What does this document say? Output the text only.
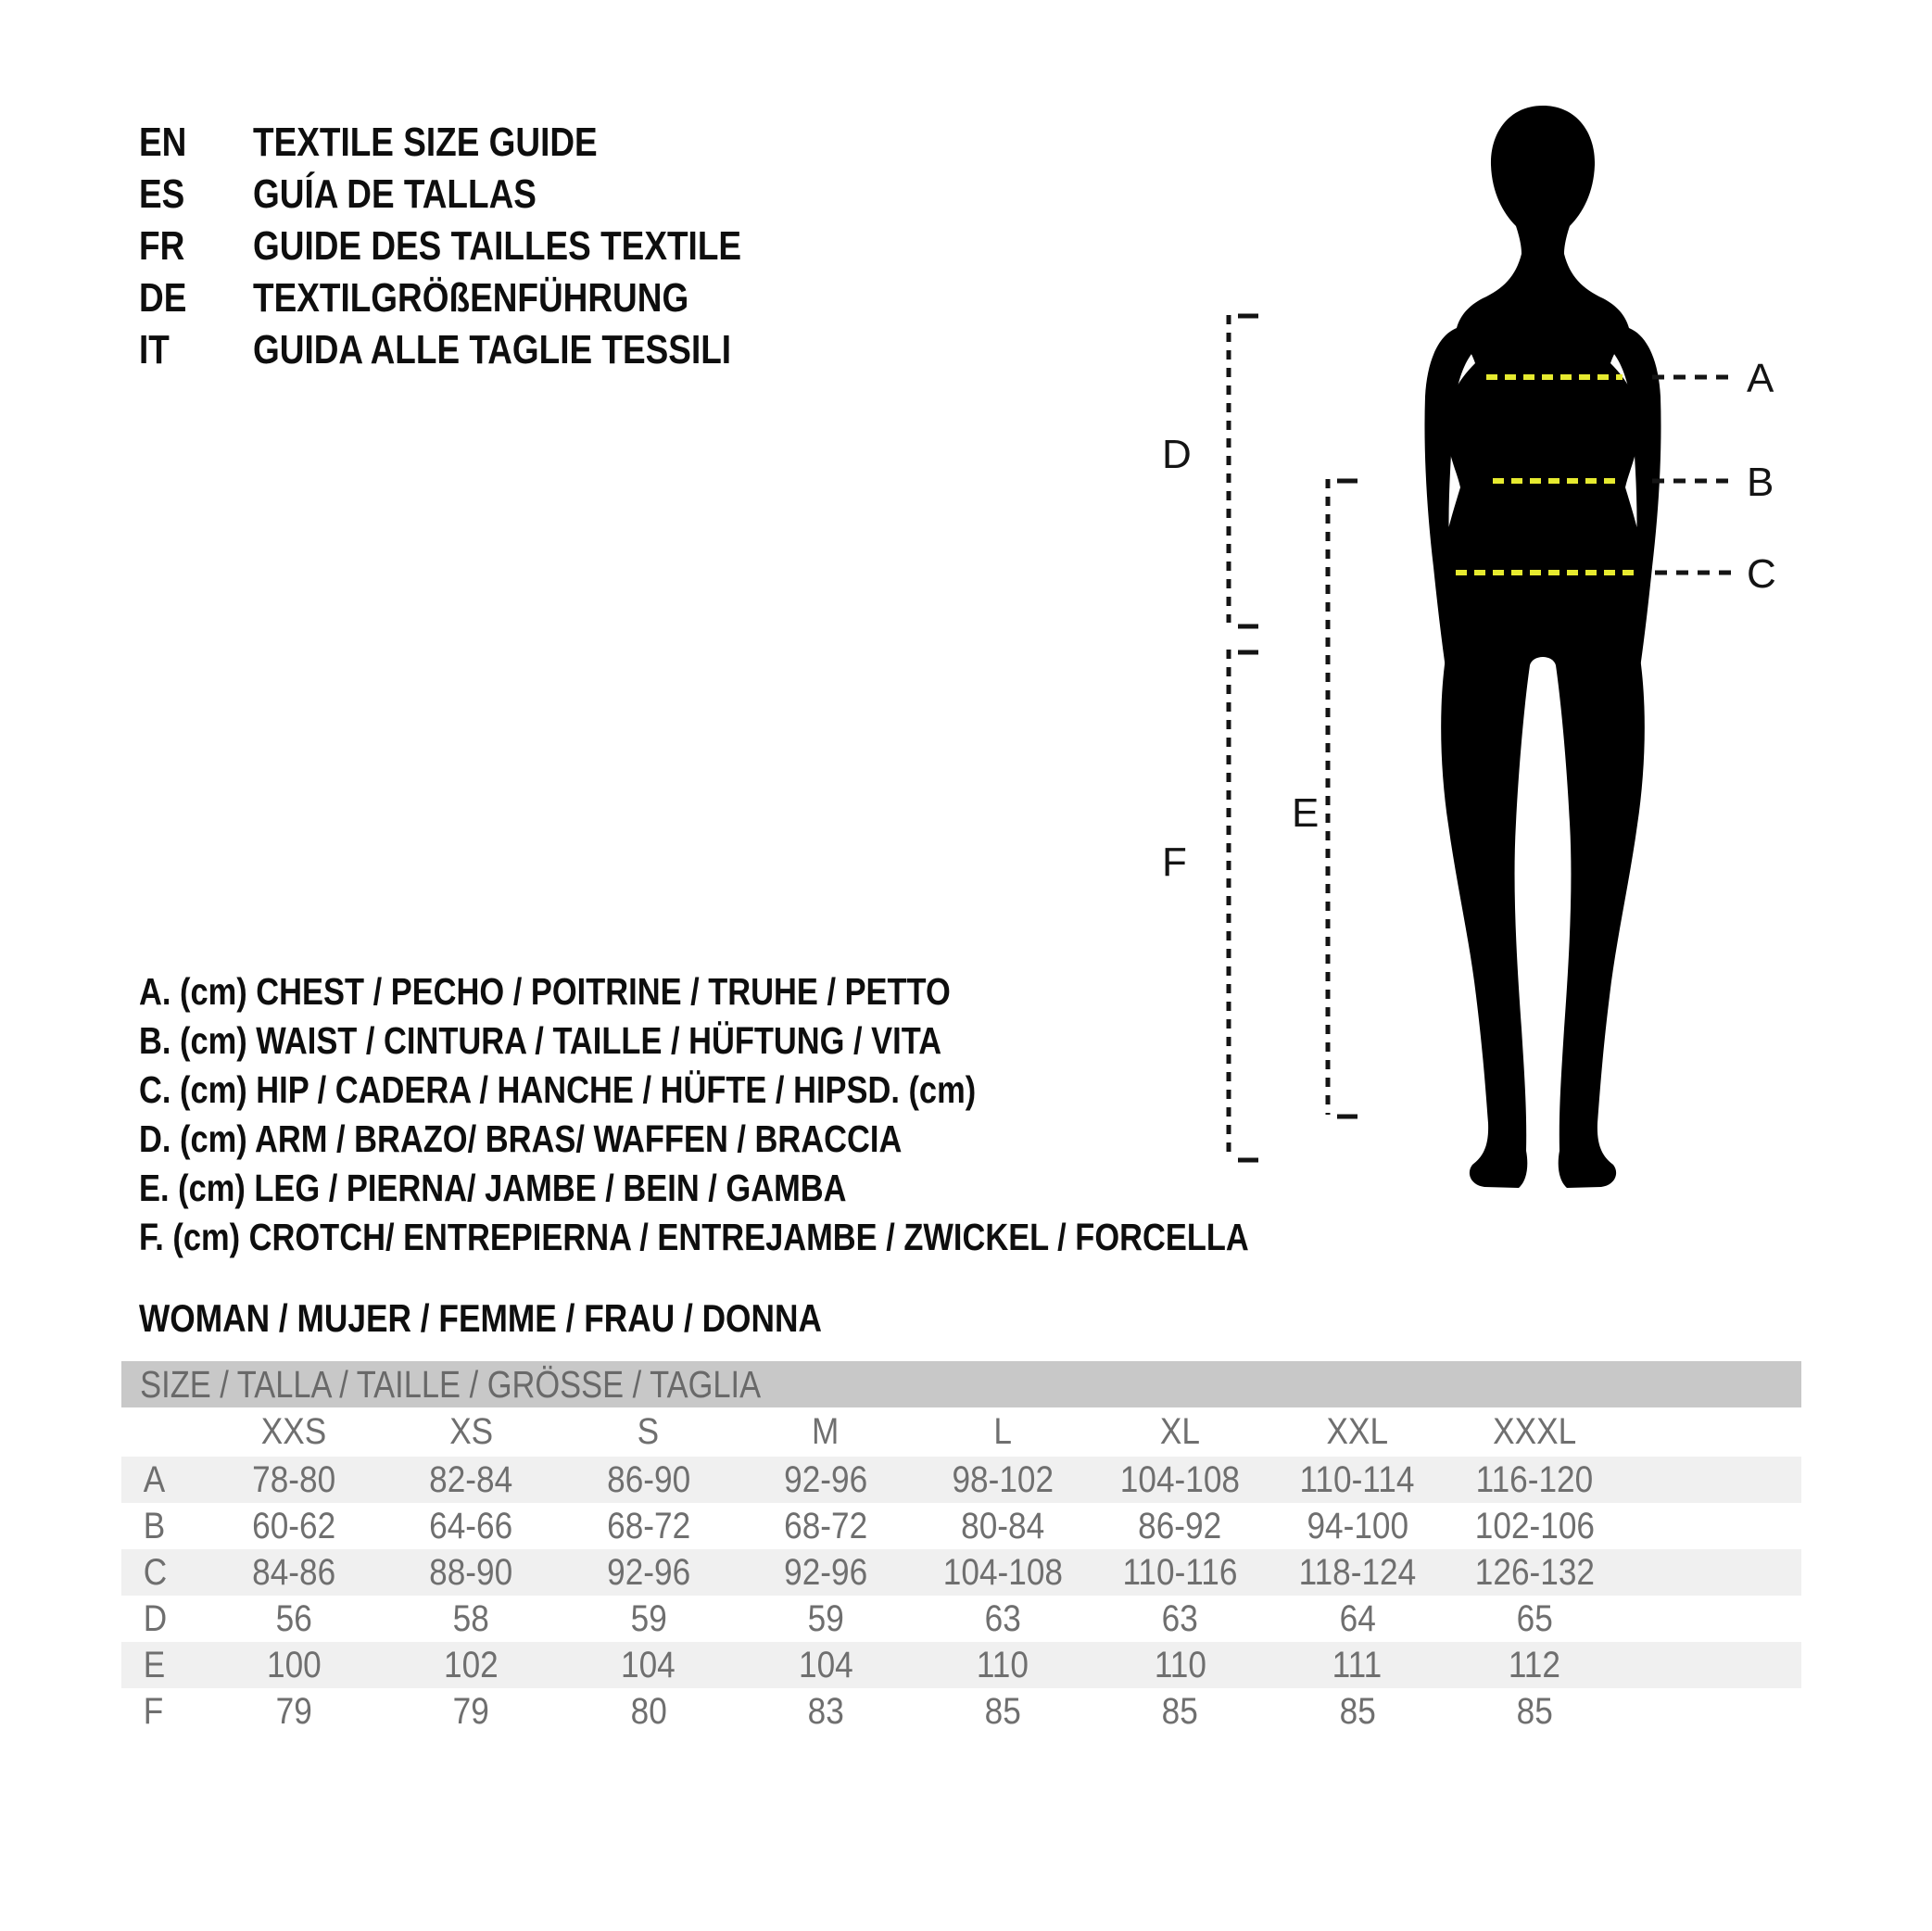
EN TEXTILE SIZE GUIDE
ES GUÍA DE TALLAS
FR GUIDE DES TAILLES TEXTILE
DE TEXTILGRÖßENFÜHRUNG
IT GUIDA ALLE TAGLIE TESSILI
A
B
C
D
E
F
A. (cm) CHEST / PECHO / POITRINE / TRUHE / PETTO
B. (cm) WAIST / CINTURA / TAILLE / HÜFTUNG / VITA
C. (cm) HIP / CADERA / HANCHE / HÜFTE / HIPSD. (cm)
D. (cm) ARM / BRAZO/ BRAS/ WAFFEN / BRACCIA
E. (cm) LEG / PIERNA/ JAMBE / BEIN / GAMBA
F. (cm) CROTCH/ ENTREPIERNA / ENTREJAMBE / ZWICKEL / FORCELLA
WOMAN / MUJER / FEMME / FRAU / DONNA
SIZE / TALLA / TAILLE / GRÖSSE / TAGLIA									
	XXS	XS	S	M	L	XL	XXL	XXXL	
A	78-80	82-84	86-90	92-96	98-102	104-108	110-114	116-120	
B	60-62	64-66	68-72	68-72	80-84	86-92	94-100	102-106	
C	84-86	88-90	92-96	92-96	104-108	110-116	118-124	126-132	
D	56	58	59	59	63	63	64	65	
E	100	102	104	104	110	110	111	112	
F	79	79	80	83	85	85	85	85	
